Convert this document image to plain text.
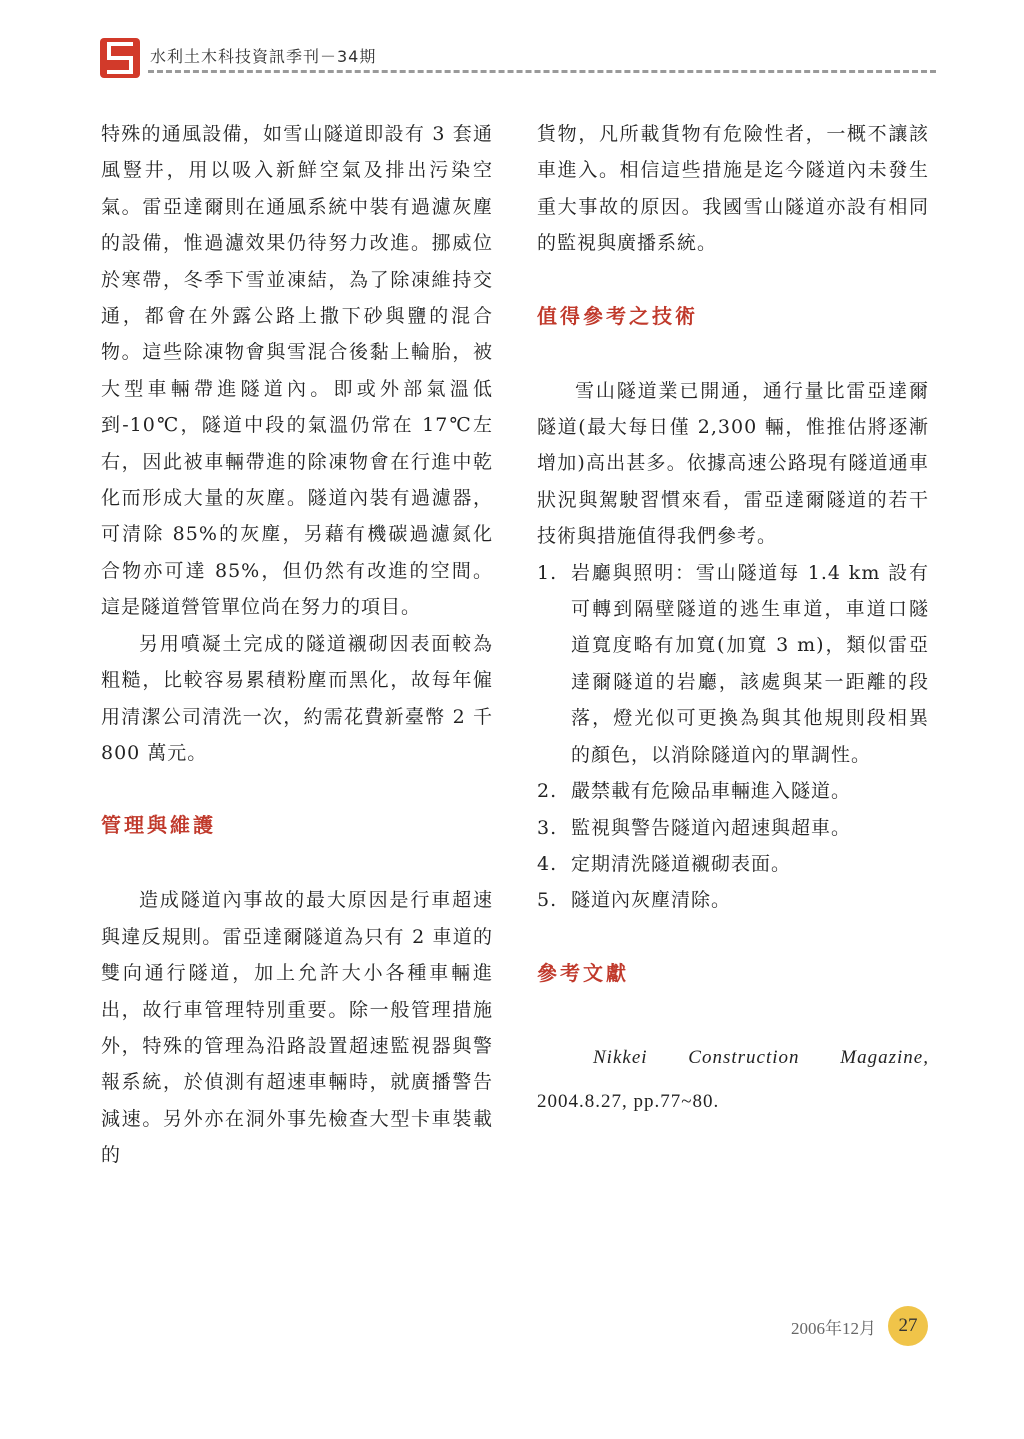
水利土木科技資訊季刊－34期

特殊的通風設備，如雪山隧道即設有 3 套通風豎井，用以吸入新鮮空氣及排出污染空氣。雷亞達爾則在通風系統中裝有過濾灰塵的設備，惟過濾效果仍待努力改進。挪威位於寒帶，冬季下雪並凍結，為了除凍維持交通，都會在外露公路上撒下砂與鹽的混合物。這些除凍物會與雪混合後黏上輪胎，被大型車輛帶進隧道內。即或外部氣溫低到-10℃，隧道中段的氣溫仍常在 17℃左右，因此被車輛帶進的除凍物會在行進中乾化而形成大量的灰塵。隧道內裝有過濾器，可清除 85%的灰塵，另藉有機碳過濾氮化合物亦可達 85%，但仍然有改進的空間。這是隧道營管單位尚在努力的項目。

另用噴凝土完成的隧道襯砌因表面較為粗糙，比較容易累積粉塵而黑化，故每年僱用清潔公司清洗一次，約需花費新臺幣 2 千 800 萬元。

管理與維護

造成隧道內事故的最大原因是行車超速與違反規則。雷亞達爾隧道為只有 2 車道的雙向通行隧道，加上允許大小各種車輛進出，故行車管理特別重要。除一般管理措施外，特殊的管理為沿路設置超速監視器與警報系統，於偵測有超速車輛時，就廣播警告減速。另外亦在洞外事先檢查大型卡車裝載的

貨物，凡所載貨物有危險性者，一概不讓該車進入。相信這些措施是迄今隧道內未發生重大事故的原因。我國雪山隧道亦設有相同的監視與廣播系統。

值得參考之技術

雪山隧道業已開通，通行量比雷亞達爾隧道(最大每日僅 2,300 輛，惟推估將逐漸增加)高出甚多。依據高速公路現有隧道通車狀況與駕駛習慣來看，雷亞達爾隧道的若干技術與措施值得我們參考。

1. 岩廳與照明：雪山隧道每 1.4 km 設有可轉到隔壁隧道的逃生車道，車道口隧道寬度略有加寬(加寬 3 m)，類似雷亞達爾隧道的岩廳，該處與某一距離的段落，燈光似可更換為與其他規則段相異的顏色，以消除隧道內的單調性。
2. 嚴禁載有危險品車輛進入隧道。
3. 監視與警告隧道內超速與超車。
4. 定期清洗隧道襯砌表面。
5. 隧道內灰塵清除。
參考文獻

Nikkei Construction Magazine,

2004.8.27, pp.77~80.

2006年12月	27
